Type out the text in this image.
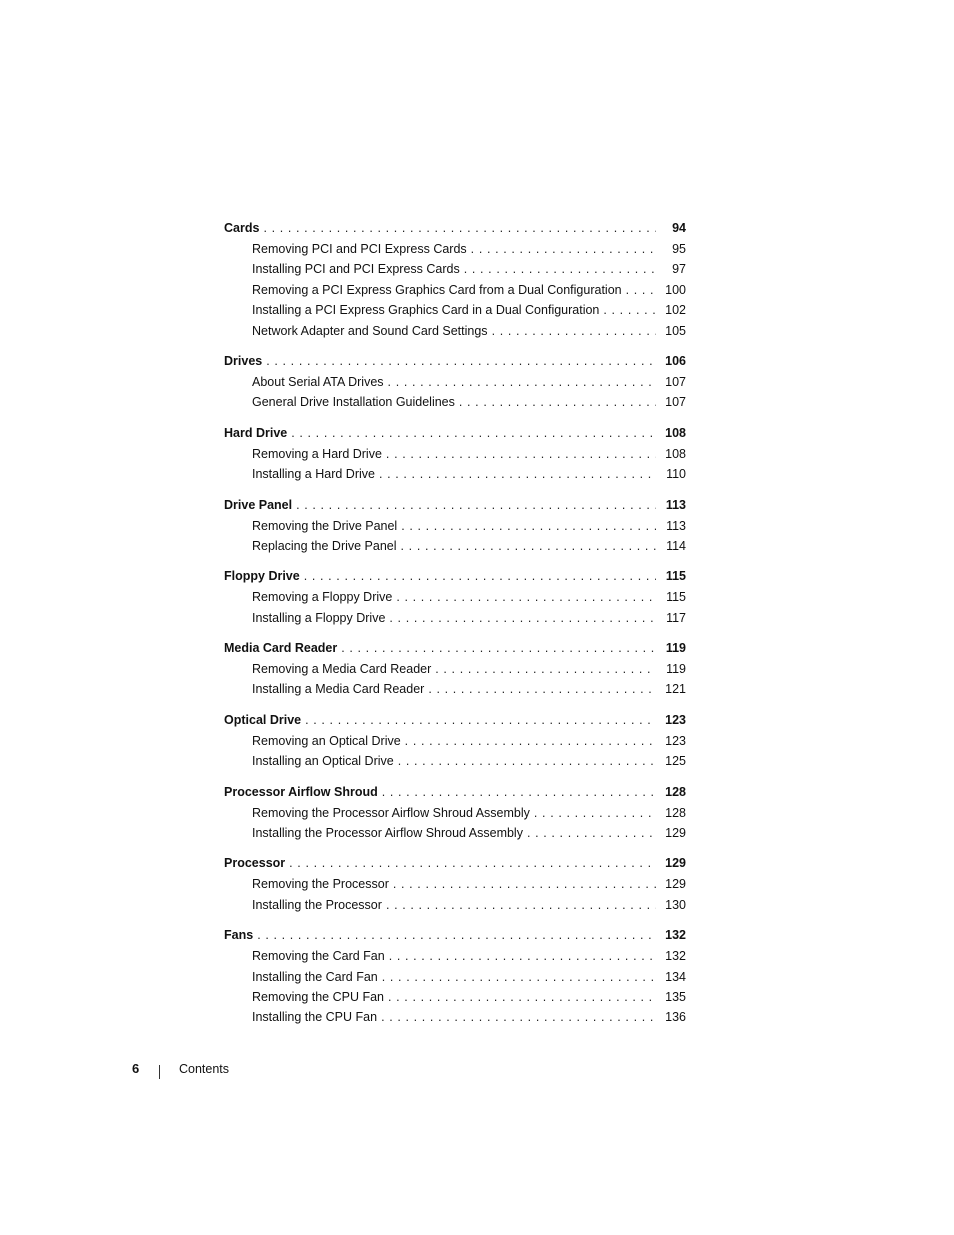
Cards . . .	94
Removing PCI and PCI Express Cards . . .	95
Installing PCI and PCI Express Cards . . .	97
Removing a PCI Express Graphics Card from a Dual Configuration . . .	100
Installing a PCI Express Graphics Card in a Dual Configuration . . .	102
Network Adapter and Sound Card Settings . . .	105
Drives . . .	106
About Serial ATA Drives . . .	107
General Drive Installation Guidelines . . .	107
Hard Drive . . .	108
Removing a Hard Drive . . .	108
Installing a Hard Drive . . .	110
Drive Panel . . .	113
Removing the Drive Panel . . .	113
Replacing the Drive Panel . . .	114
Floppy Drive . . .	115
Removing a Floppy Drive . . .	115
Installing a Floppy Drive . . .	117
Media Card Reader . . .	119
Removing a Media Card Reader . . .	119
Installing a Media Card Reader . . .	121
Optical Drive . . .	123
Removing an Optical Drive . . .	123
Installing an Optical Drive . . .	125
Processor Airflow Shroud . . .	128
Removing the Processor Airflow Shroud Assembly . . .	128
Installing the Processor Airflow Shroud Assembly . . .	129
Processor . . .	129
Removing the Processor . . .	129
Installing the Processor . . .	130
Fans . . .	132
Removing the Card Fan . . .	132
Installing the Card Fan . . .	134
Removing the CPU Fan . . .	135
Installing the CPU Fan . . .	136
6	Contents
